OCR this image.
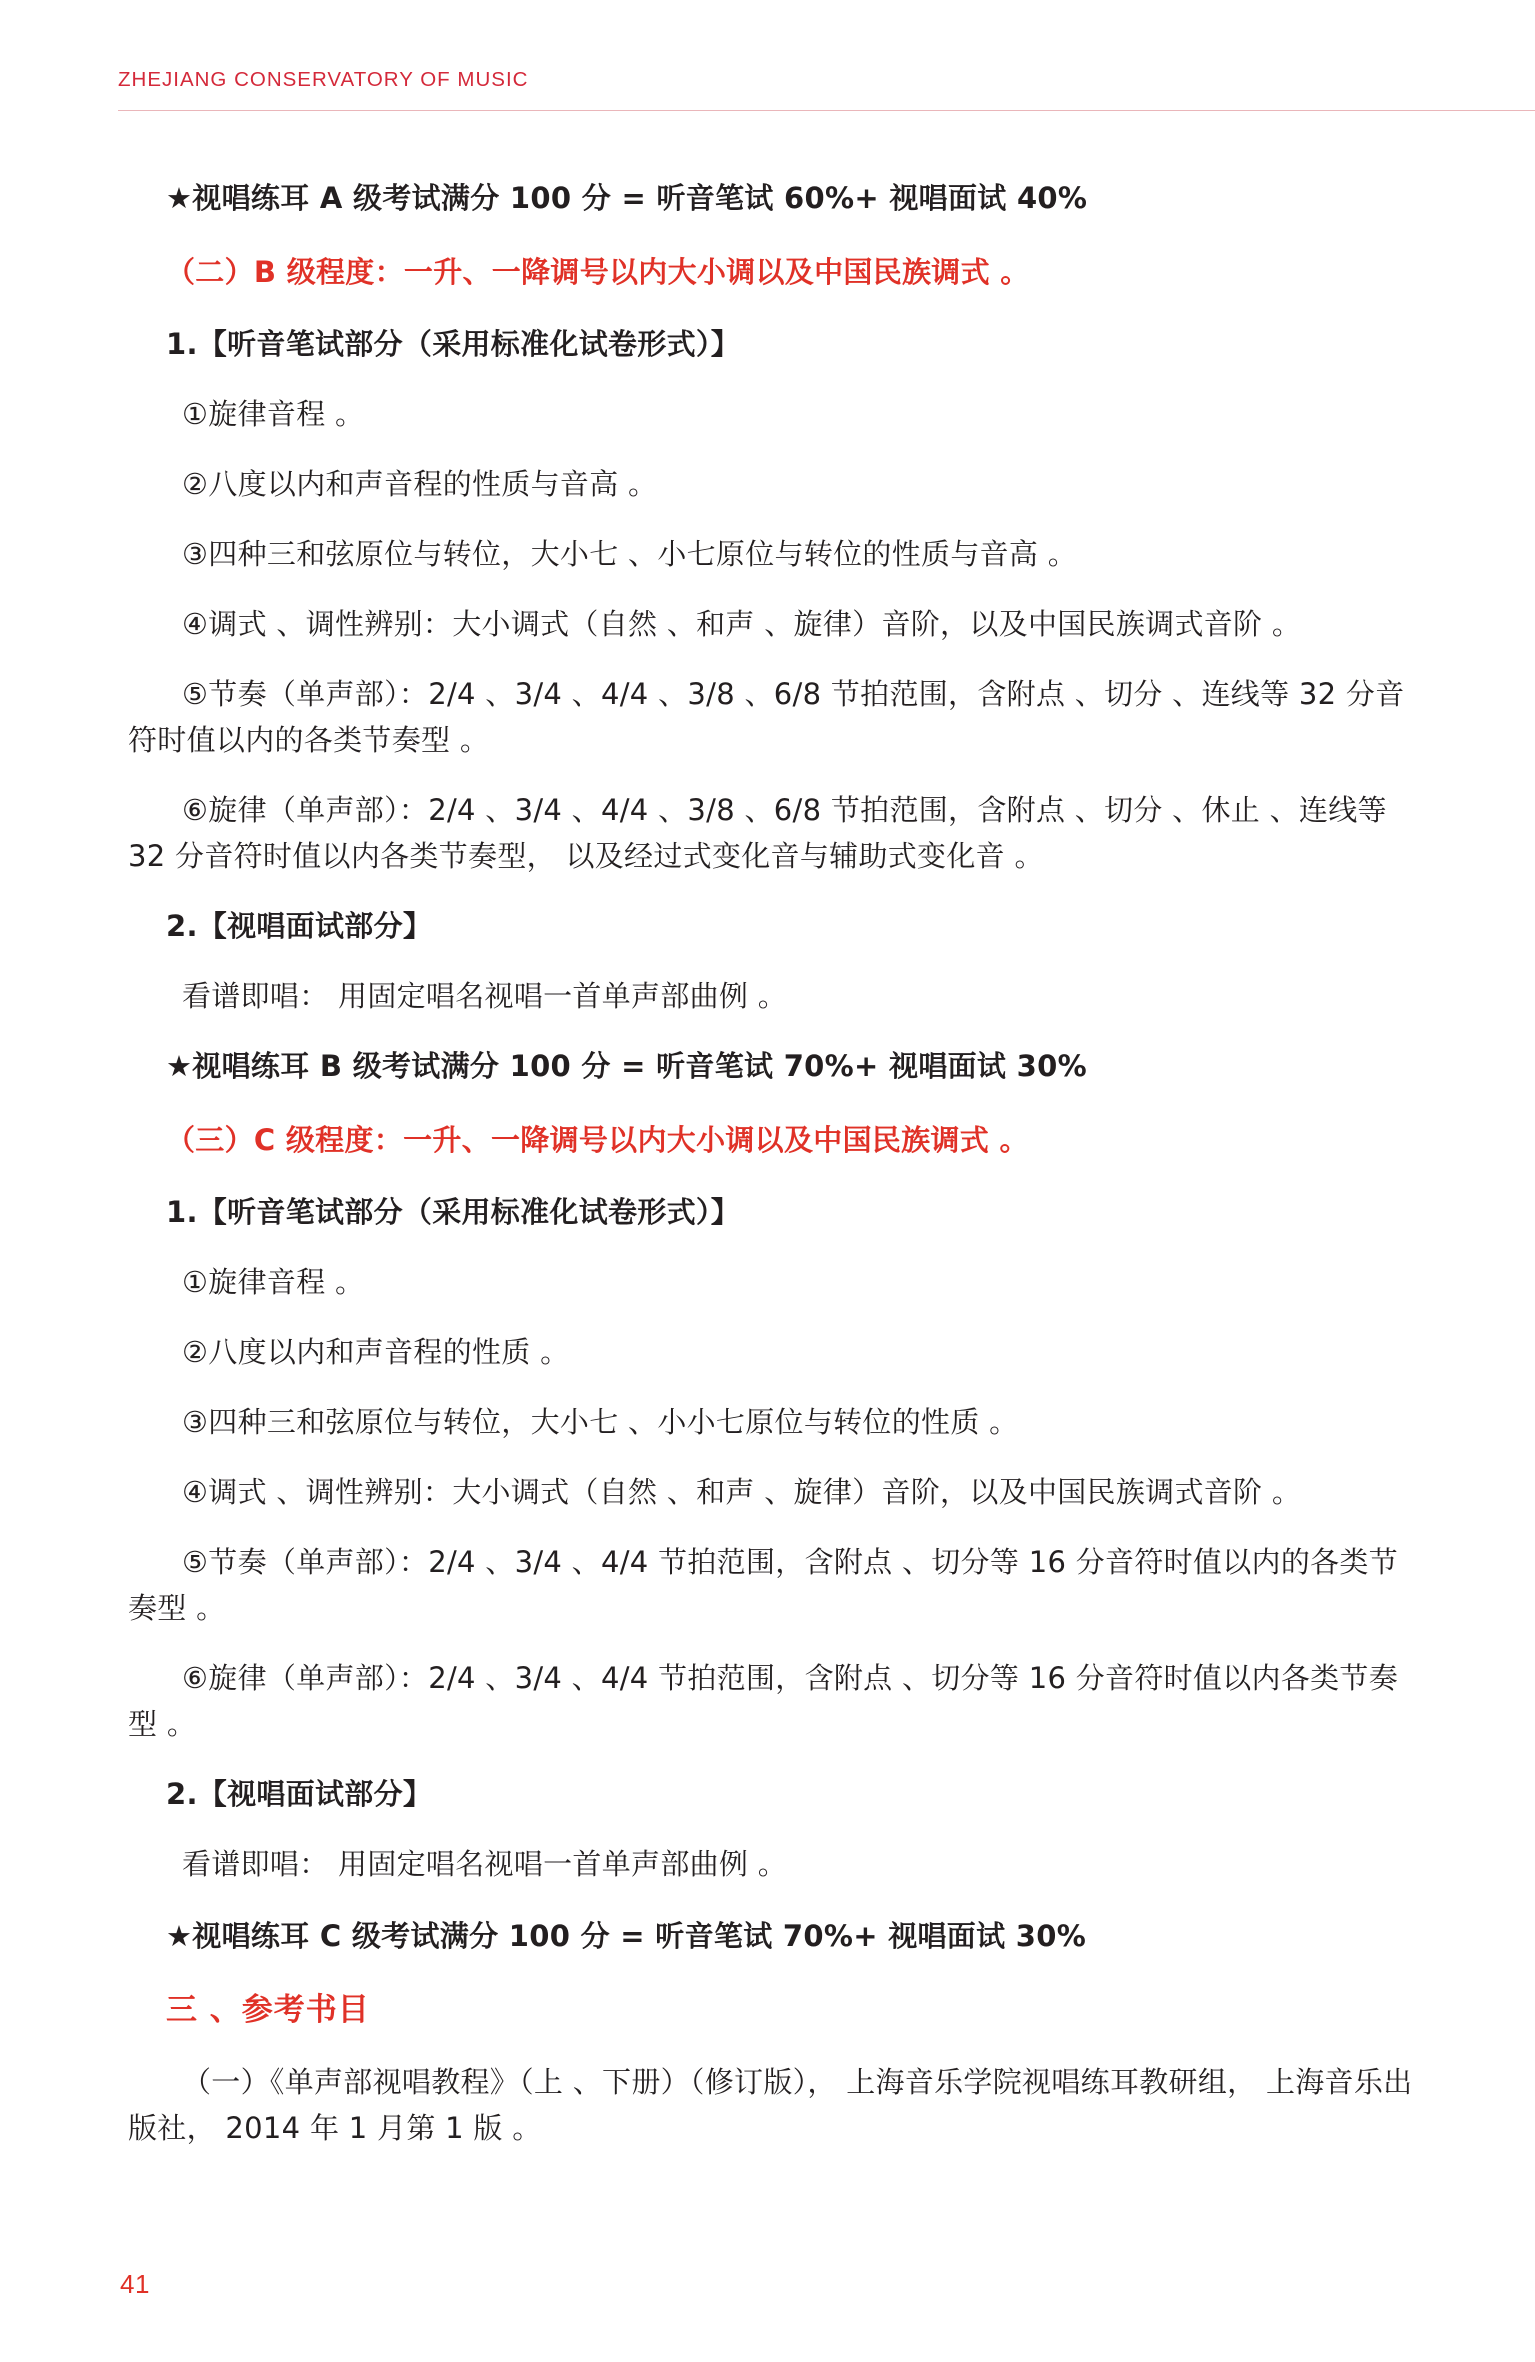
ZHEJIANG CONSERVATORY OF MUSIC
★视唱练耳 A 级考试满分 100 分 = 听音笔试 60%+ 视唱面试 40%
（二）B 级程度：一升、一降调号以内大小调以及中国民族调式 。
1.【听音笔试部分（采用标准化试卷形式）】
①旋律音程 。
②八度以内和声音程的性质与音高 。
③四种三和弦原位与转位，大小七 、小七原位与转位的性质与音高 。
④调式 、调性辨别：大小调式（自然 、和声 、旋律）音阶，以及中国民族调式音阶 。
⑤节奏（单声部）：2/4 、3/4 、4/4 、3/8 、6/8 节拍范围，含附点 、切分 、连线等 32 分音符时值以内的各类节奏型 。
⑥旋律（单声部）：2/4 、3/4 、4/4 、3/8 、6/8 节拍范围，含附点 、切分 、休止 、连线等 32 分音符时值以内各类节奏型， 以及经过式变化音与辅助式变化音 。
2.【视唱面试部分】
看谱即唱： 用固定唱名视唱一首单声部曲例 。
★视唱练耳 B 级考试满分 100 分 = 听音笔试 70%+ 视唱面试 30%
（三）C 级程度：一升、一降调号以内大小调以及中国民族调式 。
1.【听音笔试部分（采用标准化试卷形式）】
①旋律音程 。
②八度以内和声音程的性质 。
③四种三和弦原位与转位，大小七 、小小七原位与转位的性质 。
④调式 、调性辨别：大小调式（自然 、和声 、旋律）音阶，以及中国民族调式音阶 。
⑤节奏（单声部）：2/4 、3/4 、4/4 节拍范围，含附点 、切分等 16 分音符时值以内的各类节奏型 。
⑥旋律（单声部）：2/4 、3/4 、4/4 节拍范围，含附点 、切分等 16 分音符时值以内各类节奏型 。
2.【视唱面试部分】
看谱即唱： 用固定唱名视唱一首单声部曲例 。
★视唱练耳 C 级考试满分 100 分 = 听音笔试 70%+ 视唱面试 30%
三 、参考书目
（一）《单声部视唱教程》（上 、下册）（修订版）， 上海音乐学院视唱练耳教研组， 上海音乐出版社， 2014 年 1 月第 1 版 。
41
